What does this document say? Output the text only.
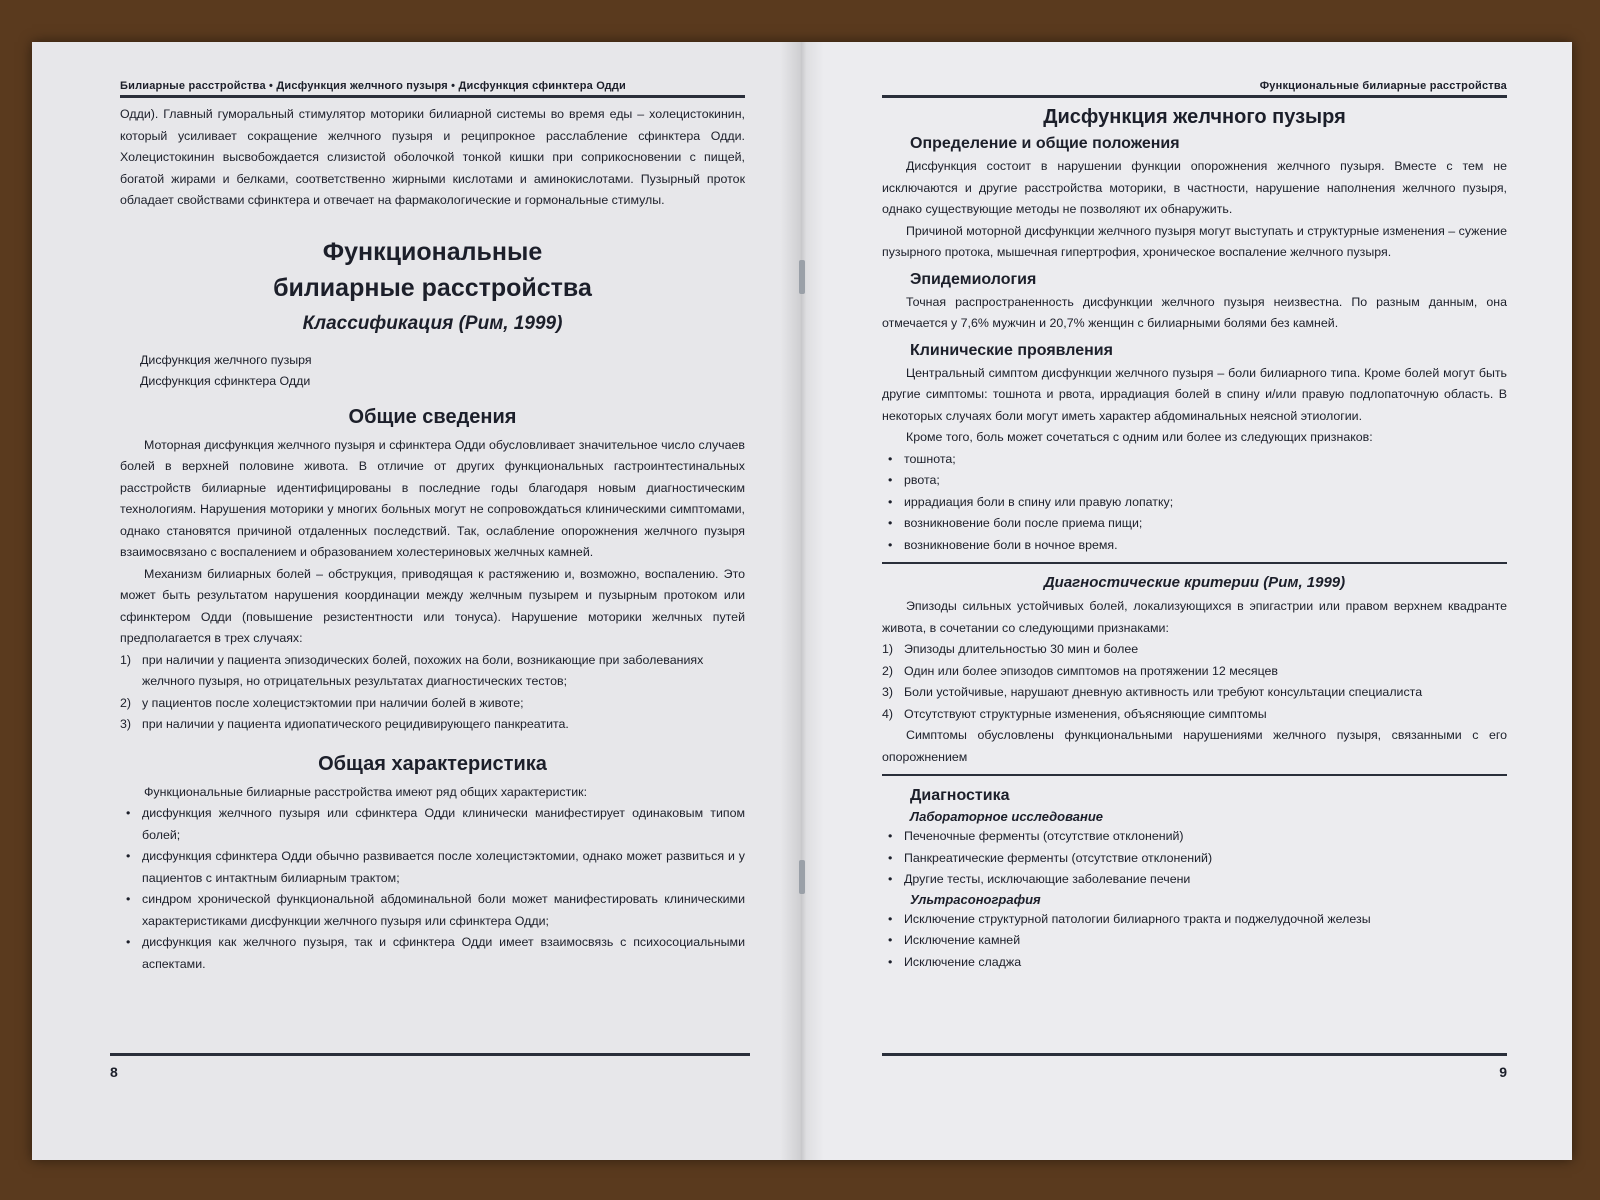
Билиарные расстройства • Дисфункция желчного пузыря • Дисфункция сфинктера Одди

Одди). Главный гуморальный стимулятор моторики билиарной системы во время еды – холецистокинин, который усиливает сокращение желчного пузыря и реципрокное расслабление сфинктера Одди. Холецистокинин высвобождается слизистой оболочкой тонкой кишки при соприкосновении с пищей, богатой жирами и белками, соответственно жирными кислотами и аминокислотами. Пузырный проток обладает свойствами сфинктера и отвечает на фармакологические и гормональные стимулы.

Функциональные
билиарные расстройства
Классификация (Рим, 1999)
Дисфункция желчного пузыря
Дисфункция сфинктера Одди
Общие сведения

Моторная дисфункция желчного пузыря и сфинктера Одди обусловливает значительное число случаев болей в верхней половине живота. В отличие от других функциональных гастроинтестинальных расстройств билиарные идентифицированы в последние годы благодаря новым диагностическим технологиям. Нарушения моторики у многих больных могут не сопровождаться клиническими симптомами, однако становятся причиной отдаленных последствий. Так, ослабление опорожнения желчного пузыря взаимосвязано с воспалением и образованием холестериновых желчных камней.

Механизм билиарных болей – обструкция, приводящая к растяжению и, возможно, воспалению. Это может быть результатом нарушения координации между желчным пузырем и пузырным протоком или сфинктером Одди (повышение резистентности или тонуса). Нарушение моторики желчных путей предполагается в трех случаях:

1) при наличии у пациента эпизодических болей, похожих на боли, возникающие при заболеваниях желчного пузыря, но отрицательных результатах диагностических тестов;
2) у пациентов после холецистэктомии при наличии болей в животе;
3) при наличии у пациента идиопатического рецидивирующего панкреатита.
Общая характеристика

Функциональные билиарные расстройства имеют ряд общих характеристик:

• дисфункция желчного пузыря или сфинктера Одди клинически манифестирует одинаковым типом болей;
• дисфункция сфинктера Одди обычно развивается после холецистэктомии, однако может развиться и у пациентов с интактным билиарным трактом;
• синдром хронической функциональной абдоминальной боли может манифестировать клиническими характеристиками дисфункции желчного пузыря или сфинктера Одди;
• дисфункция как желчного пузыря, так и сфинктера Одди имеет взаимосвязь с психосоциальными аспектами.
8
Функциональные билиарные расстройства
Дисфункция желчного пузыря
Определение и общие положения

Дисфункция состоит в нарушении функции опорожнения желчного пузыря. Вместе с тем не исключаются и другие расстройства моторики, в частности, нарушение наполнения желчного пузыря, однако существующие методы не позволяют их обнаружить.

Причиной моторной дисфункции желчного пузыря могут выступать и структурные изменения – сужение пузырного протока, мышечная гипертрофия, хроническое воспаление желчного пузыря.

Эпидемиология

Точная распространенность дисфункции желчного пузыря неизвестна. По разным данным, она отмечается у 7,6% мужчин и 20,7% женщин с билиарными болями без камней.

Клинические проявления

Центральный симптом дисфункции желчного пузыря – боли билиарного типа. Кроме болей могут быть другие симптомы: тошнота и рвота, иррадиация болей в спину и/или правую подлопаточную область. В некоторых случаях боли могут иметь характер абдоминальных неясной этиологии.

Кроме того, боль может сочетаться с одним или более из следующих признаков:

• тошнота;
• рвота;
• иррадиация боли в спину или правую лопатку;
• возникновение боли после приема пищи;
• возникновение боли в ночное время.
Диагностические критерии (Рим, 1999)

Эпизоды сильных устойчивых болей, локализующихся в эпигастрии или правом верхнем квадранте живота, в сочетании со следующими признаками:

1) Эпизоды длительностью 30 мин и более
2) Один или более эпизодов симптомов на протяжении 12 месяцев
3) Боли устойчивые, нарушают дневную активность или требуют консультации специалиста
4) Отсутствуют структурные изменения, объясняющие симптомы

Симптомы обусловлены функциональными нарушениями желчного пузыря, связанными с его опорожнением

Диагностика
Лабораторное исследование
• Печеночные ферменты (отсутствие отклонений)
• Панкреатические ферменты (отсутствие отклонений)
• Другие тесты, исключающие заболевание печени
Ультрасонография
• Исключение структурной патологии билиарного тракта и поджелудочной железы
• Исключение камней
• Исключение сладжа
9
